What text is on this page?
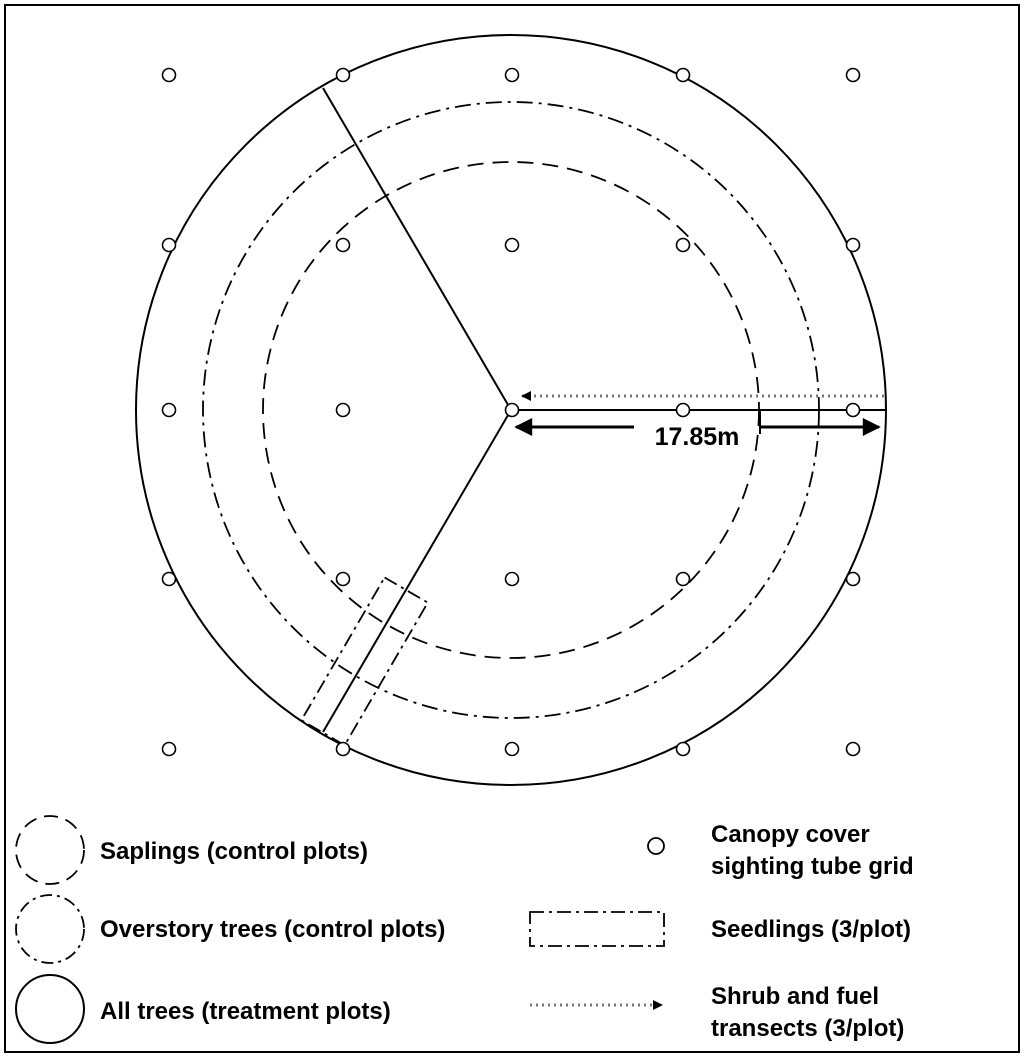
17.85m
Saplings (control plots)
Overstory trees (control plots)
All trees (treatment plots)
Canopy cover
sighting tube grid
Seedlings (3/plot)
Shrub and fuel
transects (3/plot)
